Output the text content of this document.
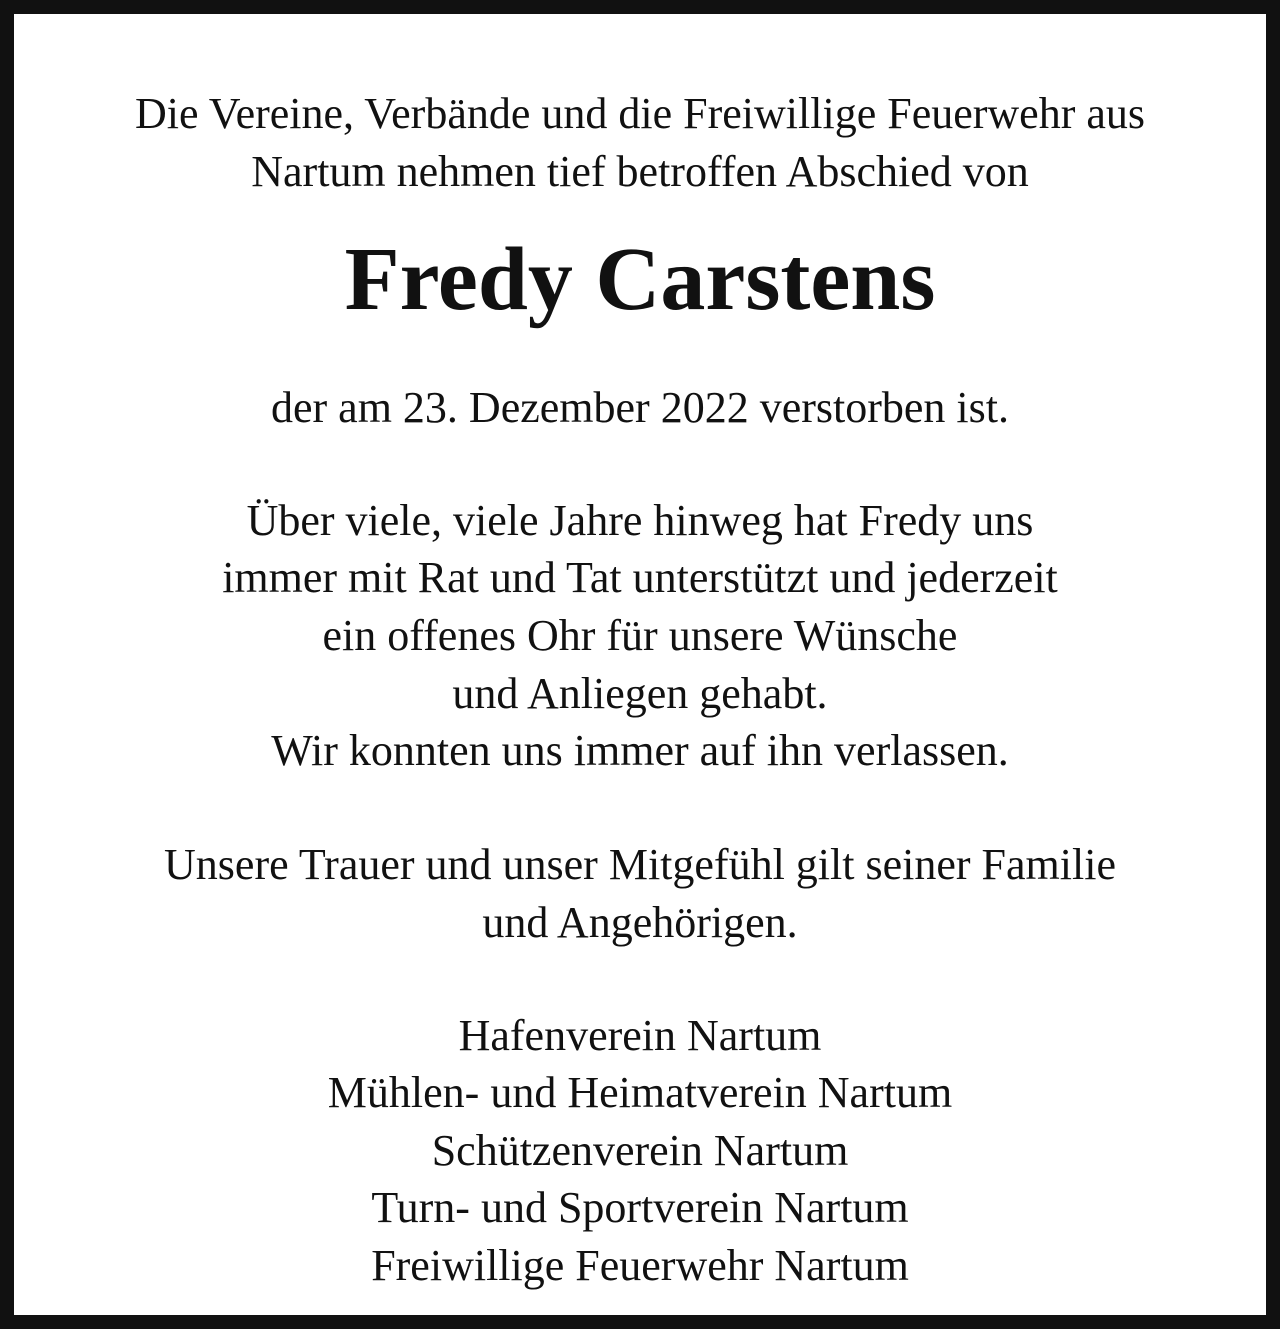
Die Vereine, Verbände und die Freiwillige Feuerwehr aus
Nartum nehmen tief betroffen Abschied von
Fredy Carstens
der am 23. Dezember 2022 verstorben ist.
Über viele, viele Jahre hinweg hat Fredy uns
immer mit Rat und Tat unterstützt und jederzeit
ein offenes Ohr für unsere Wünsche
und Anliegen gehabt.
Wir konnten uns immer auf ihn verlassen.
Unsere Trauer und unser Mitgefühl gilt seiner Familie
und Angehörigen.
Hafenverein Nartum
Mühlen- und Heimatverein Nartum
Schützenverein Nartum
Turn- und Sportverein Nartum
Freiwillige Feuerwehr Nartum
